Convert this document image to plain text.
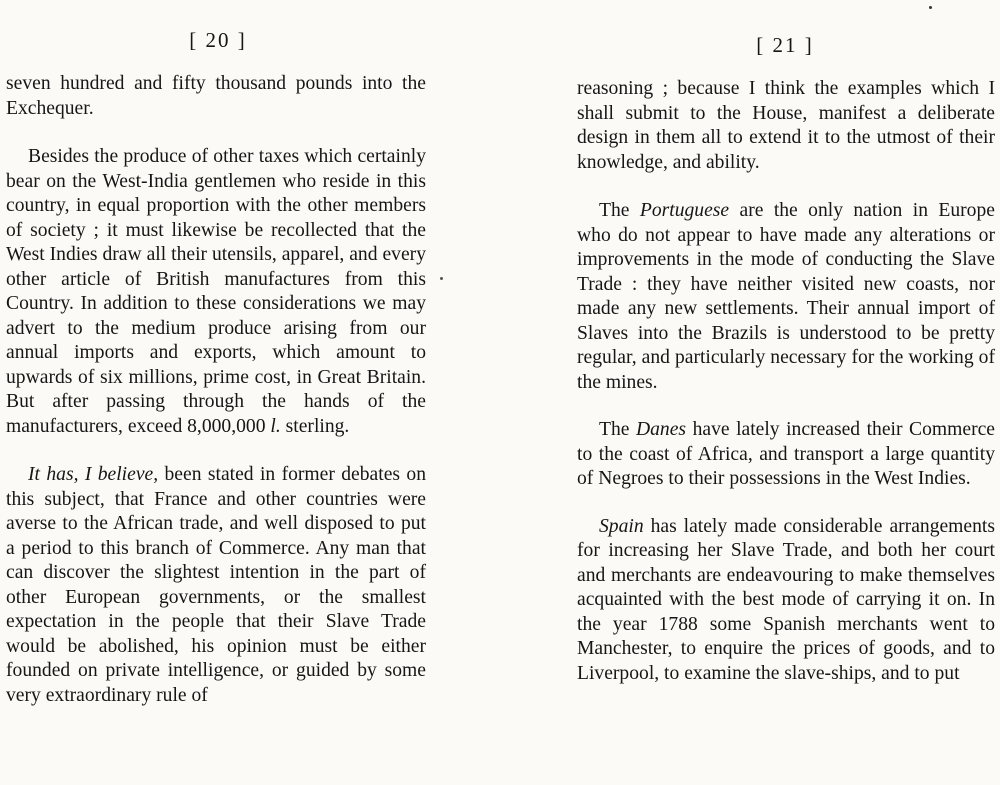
[ 20 ]

seven hundred and fifty thousand pounds into the Exchequer.

Besides the produce of other taxes which certainly bear on the West-India gentlemen who reside in this country, in equal proportion with the other members of society ; it must likewise be recollected that the West Indies draw all their utensils, apparel, and every other article of British manufactures from this Country. In addition to these considerations we may advert to the medium produce arising from our annual imports and exports, which amount to upwards of six millions, prime cost, in Great Britain. But after passing through the hands of the manufacturers, exceed 8,000,000 l. sterling.

It has, I believe, been stated in former debates on this subject, that France and other countries were averse to the African trade, and well disposed to put a period to this branch of Commerce. Any man that can discover the slightest intention in the part of other European governments, or the smallest expectation in the people that their Slave Trade would be abolished, his opinion must be either founded on private intelligence, or guided by some very extraordinary rule of

[ 21 ]

reasoning ; because I think the examples which I shall submit to the House, manifest a deliberate design in them all to extend it to the utmost of their knowledge, and ability.

The Portuguese are the only nation in Europe who do not appear to have made any alterations or improvements in the mode of conducting the Slave Trade : they have neither visited new coasts, nor made any new settlements. Their annual import of Slaves into the Brazils is understood to be pretty regular, and particularly necessary for the working of the mines.

The Danes have lately increased their Commerce to the coast of Africa, and transport a large quantity of Negroes to their possessions in the West Indies.

Spain has lately made considerable arrangements for increasing her Slave Trade, and both her court and merchants are endeavouring to make themselves acquainted with the best mode of carrying it on. In the year 1788 some Spanish merchants went to Manchester, to enquire the prices of goods, and to Liverpool, to examine the slave-ships, and to put
